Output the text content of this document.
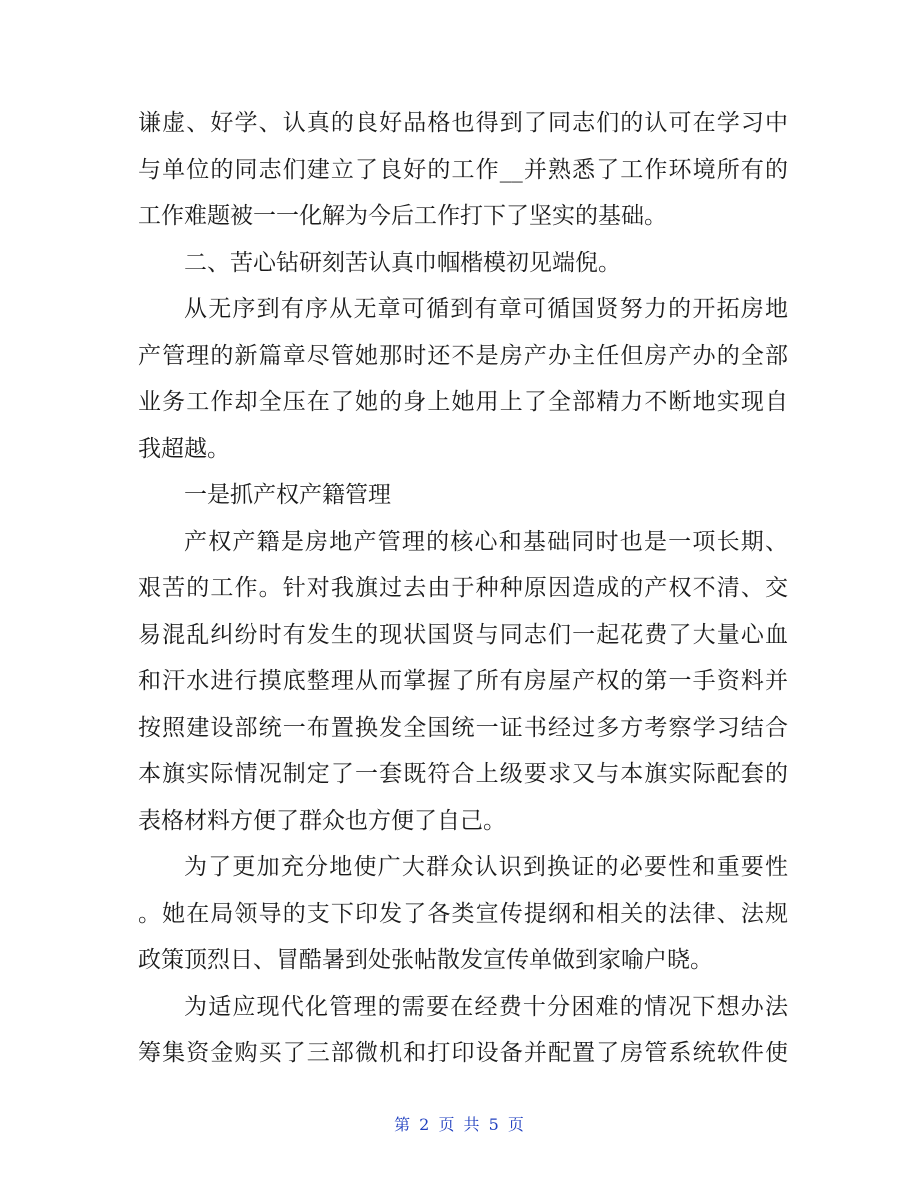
谦虚、好学、认真的良好品格也得到了同志们的认可在学习中
与单位的同志们建立了良好的工作__并熟悉了工作环境所有的
工作难题被一一化解为今后工作打下了坚实的基础。
二、苦心钻研刻苦认真巾帼楷模初见端倪。
从无序到有序从无章可循到有章可循国贤努力的开拓房地
产管理的新篇章尽管她那时还不是房产办主任但房产办的全部
业务工作却全压在了她的身上她用上了全部精力不断地实现自
我超越。
一是抓产权产籍管理
产权产籍是房地产管理的核心和基础同时也是一项长期、
艰苦的工作。针对我旗过去由于种种原因造成的产权不清、交
易混乱纠纷时有发生的现状国贤与同志们一起花费了大量心血
和汗水进行摸底整理从而掌握了所有房屋产权的第一手资料并
按照建设部统一布置换发全国统一证书经过多方考察学习结合
本旗实际情况制定了一套既符合上级要求又与本旗实际配套的
表格材料方便了群众也方便了自己。
为了更加充分地使广大群众认识到换证的必要性和重要性
。她在局领导的支下印发了各类宣传提纲和相关的法律、法规
政策顶烈日、冒酷暑到处张帖散发宣传单做到家喻户晓。
为适应现代化管理的需要在经费十分困难的情况下想办法
筹集资金购买了三部微机和打印设备并配置了房管系统软件使
第 2 页 共 5 页
